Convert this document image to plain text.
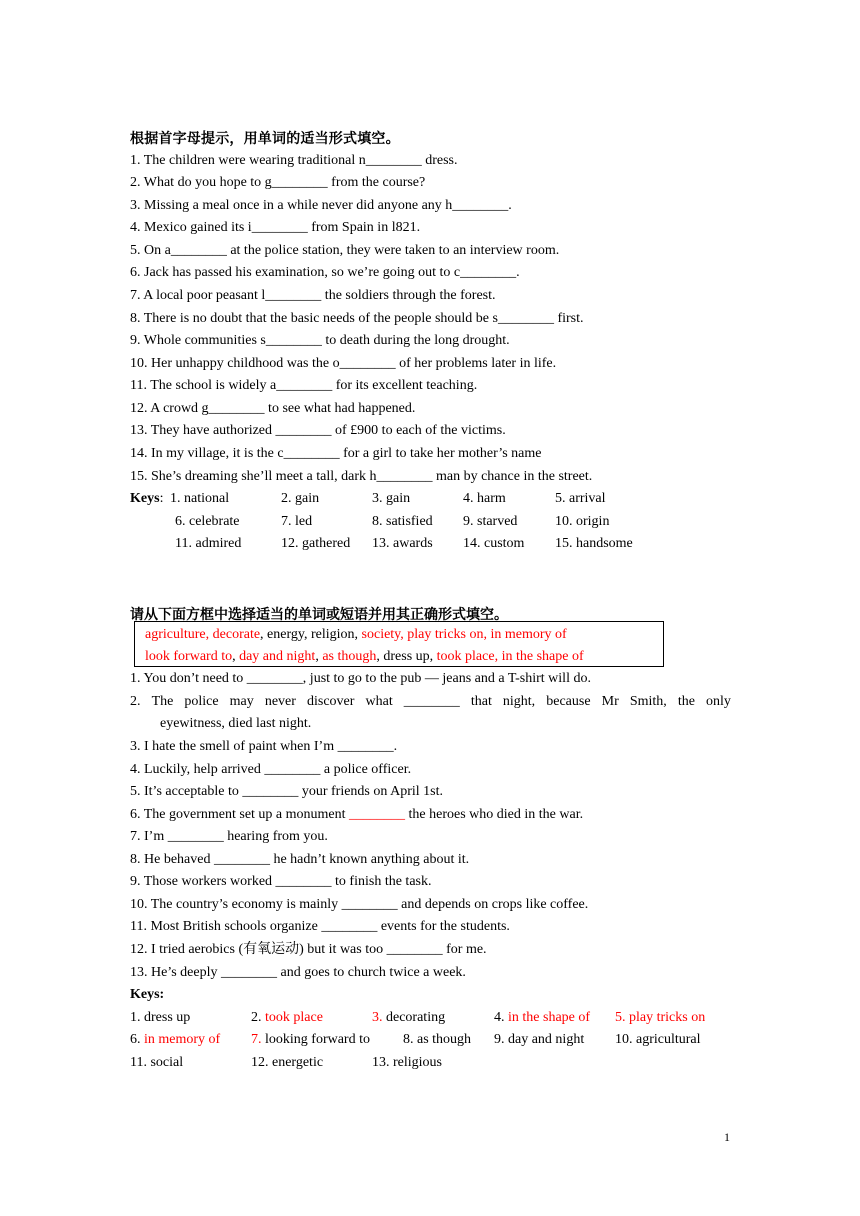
根据首字母提示，用单词的适当形式填空。
1. The children were wearing traditional n________ dress.
2. What do you hope to g________ from the course?
3. Missing a meal once in a while never did anyone any h________.
4. Mexico gained its i________ from Spain in l821.
5. On a________ at the police station, they were taken to an interview room.
6. Jack has passed his examination, so we’re going out to c________.
7. A local poor peasant l________ the soldiers through the forest.
8. There is no doubt that the basic needs of the people should be s________ first.
9. Whole communities s________ to death during the long drought.
10. Her unhappy childhood was the o________ of her problems later in life.
11. The school is widely a________ for its excellent teaching.
12. A crowd g________ to see what had happened.
13. They have authorized ________ of £900 to each of the victims.
14. In my village, it is the c________ for a girl to take her mother’s name
15. She’s dreaming she’ll meet a tall, dark h________ man by chance in the street.
Keys: 1. national	2. gain	3. gain	4. harm	5. arrival
6. celebrate	7. led	8. satisfied 9. starved	10. origin
11. admired	12. gathered 13. awards 14. custom 15. handsome
请从下面方框中选择适当的单词或短语并用其正确形式填空。
agriculture, decorate, energy, religion, society, play tricks on, in memory of
look forward to, day and night, as though, dress up, took place, in the shape of
1. You don’t need to ________, just to go to the pub — jeans and a T-shirt will do.
2. The police may never discover what ________ that night, because Mr Smith, the only
eyewitness, died last night.
3. I hate the smell of paint when I’m ________.
4. Luckily, help arrived ________ a police officer.
5. It’s acceptable to ________ your friends on April 1st.
6. The government set up a monument ________ the heroes who died in the war.
7. I’m ________ hearing from you.
8. He behaved ________ he hadn’t known anything about it.
9. Those workers worked ________ to finish the task.
10. The country’s economy is mainly ________ and depends on crops like coffee.
11. Most British schools organize ________ events for the students.
12. I tried aerobics (有氧运动) but it was too ________ for me.
13. He’s deeply ________ and goes to church twice a week.
Keys:
1. dress up	2. took place	3. decorating	4. in the shape of 5. play tricks on
6. in memory of 7. looking forward to 8. as though 9. day and night 10. agricultural
11. social	12. energetic	13. religious
1
